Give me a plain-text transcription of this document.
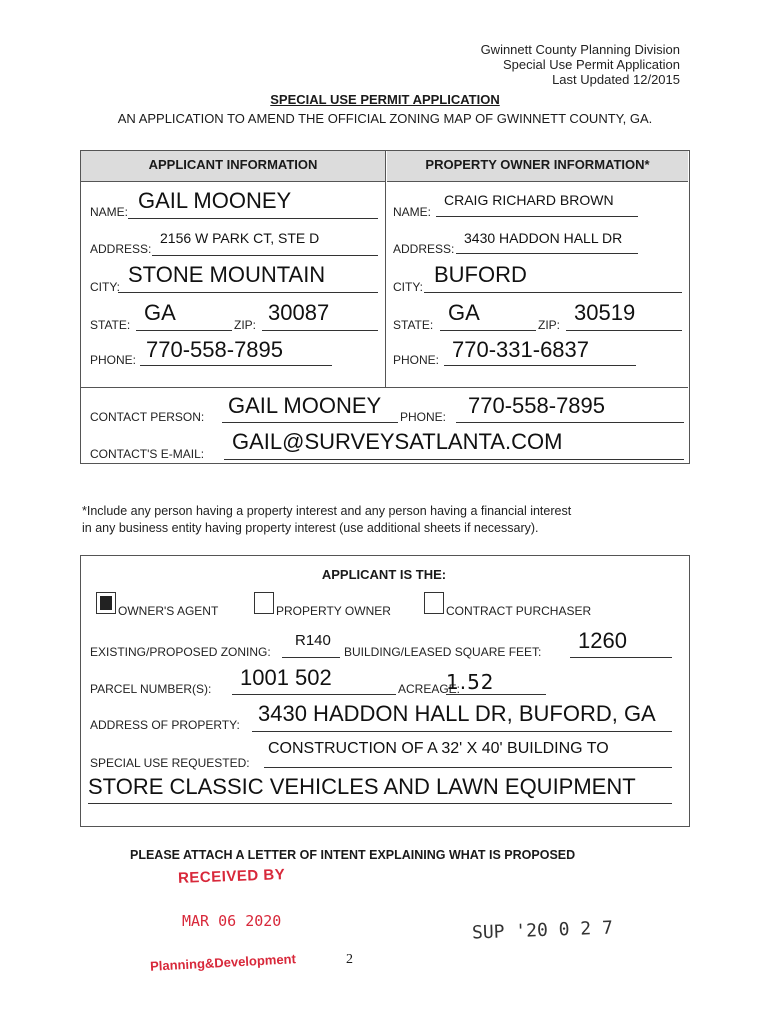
Gwinnett County Planning Division
Special Use Permit Application
Last Updated 12/2015
SPECIAL USE PERMIT APPLICATION
AN APPLICATION TO AMEND THE OFFICIAL ZONING MAP OF GWINNETT COUNTY, GA.
APPLICANT INFORMATION	PROPERTY OWNER INFORMATION*
NAME: GAIL MOONEY
ADDRESS:
2156 W PARK CT, STE D
CITY: STONE MOUNTAIN
STATE: GA	ZIP: 30087
PHONE: 770-558-7895
NAME:
CRAIG RICHARD BROWN
ADDRESS:
3430 HADDON HALL DR
CITY: BUFORD
STATE: GA	ZIP: 30519
PHONE: 770-331-6837
CONTACT PERSON: GAIL MOONEY PHONE: 770-558-7895
CONTACT'S E-MAIL: GAIL@SURVEYSATLANTA.COM
*Include any person having a property interest and any person having a financial interest
in any business entity having property interest (use additional sheets if necessary).
APPLICANT IS THE:
OWNER'S AGENT	PROPERTY OWNER	CONTRACT PURCHASER
EXISTING/PROPOSED ZONING:
R140
BUILDING/LEASED SQUARE FEET: 1260
PARCEL NUMBER(S): 1001 502	ACREAGE:
1.52
ADDRESS OF PROPERTY: 3430 HADDON HALL DR, BUFORD, GA
SPECIAL USE REQUESTED:
CONSTRUCTION OF A 32' X 40' BUILDING TO
STORE CLASSIC VEHICLES AND LAWN EQUIPMENT
PLEASE ATTACH A LETTER OF INTENT EXPLAINING WHAT IS PROPOSED
RECEIVED BY
MAR 06 2020
Planning&Development
SUP '20 0 2 7
2
